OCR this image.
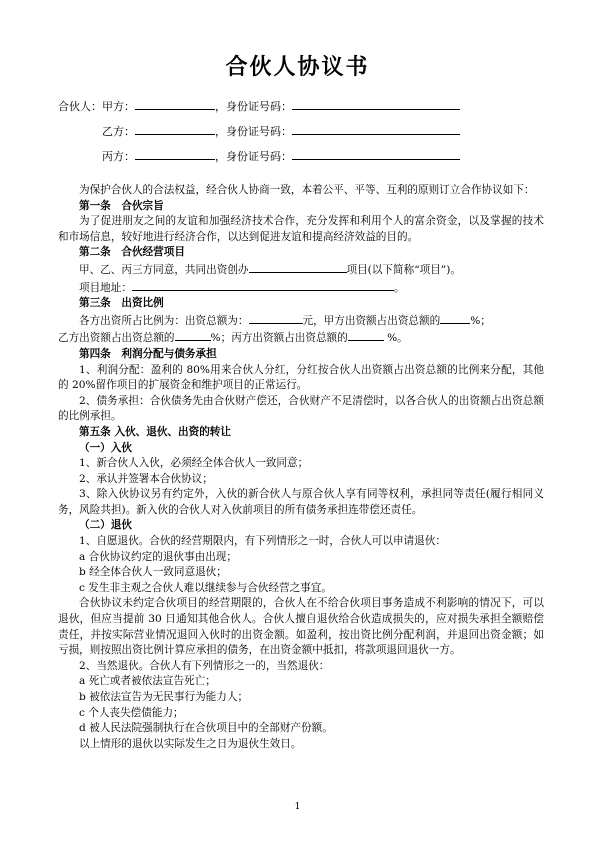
合伙人协议书
合伙人：甲方：	，身份证号码：
乙方：	，身份证号码：
丙方：	，身份证号码：

为保护合伙人的合法权益，经合伙人协商一致，本着公平、平等、互利的原则订立合作协议如下：

第一条　合伙宗旨

为了促进朋友之间的友谊和加强经济技术合作，充分发挥和利用个人的富余资金，以及掌握的技术和市场信息，较好地进行经济合作，以达到促进友谊和提高经济效益的目的。

第二条　合伙经营项目

甲、乙、丙三方同意，共同出资创办	项目(以下简称“项目”)。

项目地址：	。

第三条　出资比例

各方出资所占比例为：出资总额为：	元，甲方出资额占出资总额的	%；

乙方出资额占出资总额的	%；丙方出资额占出资总额的	%。

第四条　利润分配与债务承担

1、利润分配：盈利的 80%用来合伙人分红，分红按合伙人出资额占出资总额的比例来分配，其他的 20%留作项目的扩展资金和维护项目的正常运行。

2、债务承担：合伙债务先由合伙财产偿还，合伙财产不足清偿时，以各合伙人的出资额占出资总额的比例承担。

第五条 入伙、退伙、出资的转让

（一）入伙

1、新合伙人入伙，必须经全体合伙人一致同意；

2、承认并签署本合伙协议；

3、除入伙协议另有约定外，入伙的新合伙人与原合伙人享有同等权利，承担同等责任(履行相同义务，风险共担)。新入伙的合伙人对入伙前项目的所有债务承担连带偿还责任。

（二）退伙

1、自愿退伙。合伙的经营期限内，有下列情形之一时，合伙人可以申请退伙：

a 合伙协议约定的退伙事由出现；

b 经全体合伙人一致同意退伙；

c 发生非主观之合伙人难以继续参与合伙经营之事宜。

合伙协议未约定合伙项目的经营期限的，合伙人在不给合伙项目事务造成不利影响的情况下，可以退伙，但应当提前 30 日通知其他合伙人。合伙人擅自退伙给合伙造成损失的，应对损失承担全额赔偿责任，并按实际营业情况退回入伙时的出资金额。如盈利，按出资比例分配利润，并退回出资金额；如亏损，则按照出资比例计算应承担的债务，在出资金额中抵扣，将款项退回退伙一方。

2、当然退伙。合伙人有下列情形之一的，当然退伙：

a 死亡或者被依法宣告死亡；

b 被依法宣告为无民事行为能力人；

c 个人丧失偿债能力；

d 被人民法院强制执行在合伙项目中的全部财产份额。

以上情形的退伙以实际发生之日为退伙生效日。

1
